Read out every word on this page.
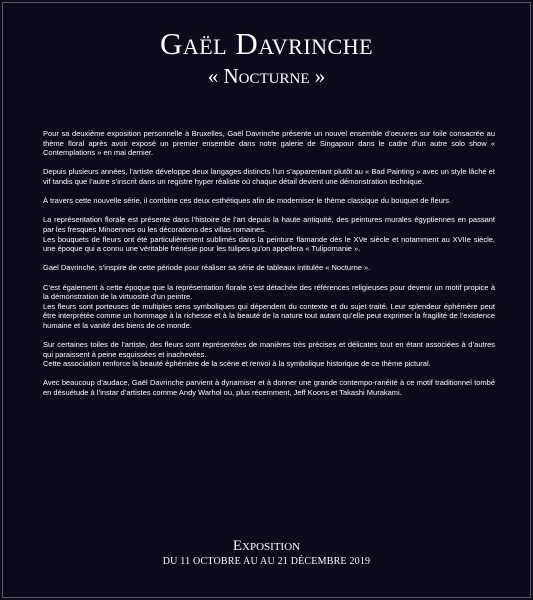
Gaël Davrinche
« Nocturne »

Pour sa deuxième exposition personnelle à Bruxelles, Gaël Davrinche présente un nouvel ensemble d’oeuvres sur toile consacrée au thème floral après avoir exposé un premier ensemble dans notre galerie de Singapour dans le cadre d’un autre solo show « Contemplations » en mai dernier.

Depuis plusieurs années, l’artiste développe deux langages distincts l’un s’apparentant plutôt au « Bad Painting » avec un style lâché et vif tandis que l’autre s’inscrit dans un registre hyper réaliste où chaque détail devient une démonstration technique.

À travers cette nouvelle série, il combine ces deux esthétiques afin de moderniser le thème classique du bouquet de fleurs.

La représentation florale est présente dans l’histoire de l’art depuis la haute antiquité, des peintures murales égyptiennes en passant par les fresques Minoennes ou les décorations des villas romaines.
Les bouquets de fleurs ont été particulièrement sublimés dans la peinture flamande dès le XVe siècle et notamment au XVIIe siècle, une époque qui a connu une véritable frénésie pour les tulipes qu’on appellera « Tulipomanie ».

Gael Davrinche, s’inspire de cette période pour réaliser sa série de tableaux intitulée « Nocturne ».

C’est également à cette époque que la représentation florale s’est détachée des références religieuses pour devenir un motif propice à la démonstration de la virtuosité d’un peintre.
Les fleurs sont porteuses de multiples sens symboliques qui dépendent du contexte et du sujet traité. Leur splendeur éphémère peut être interprétée comme un hommage à la richesse et à la beauté de la nature tout autant qu’elle peut exprimer la fragilité de l’existence humaine et la vanité des biens de ce monde.

Sur certaines toiles de l’artiste, des fleurs sont représentées de manières très précises et délicates tout en étant associées à d’autres qui paraissent à peine esquissées et inachevées.
Cette association renforce la beauté éphémère de la scène et renvoi à la symbolique historique de ce thème pictural.

Avec beaucoup d’audace, Gaël Davrinche parvient à dynamiser et à donner une grande contempo-ranéité à ce motif traditionnel tombé en désuétude à l’instar d’artistes comme Andy Warhol ou, plus récemment, Jeff Koons et Takashi Murakami.

Exposition
DU 11 OCTOBRE AU AU 21 DÉCEMBRE 2019
